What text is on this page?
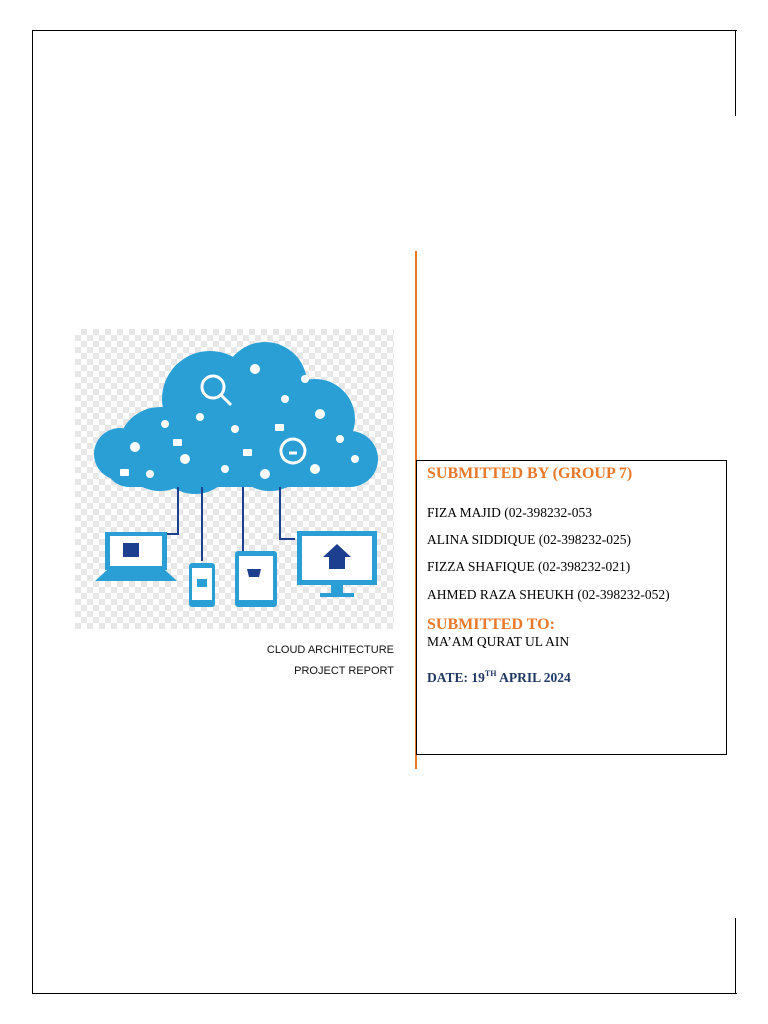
CLOUD ARCHITECTURE
PROJECT REPORT
SUBMITTED BY (GROUP 7)
FIZA MAJID (02-398232-053
ALINA SIDDIQUE (02-398232-025)
FIZZA SHAFIQUE (02-398232-021)
AHMED RAZA SHEUKH (02-398232-052)
SUBMITTED TO:
MA’AM QURAT UL AIN
DATE: 19TH APRIL 2024
